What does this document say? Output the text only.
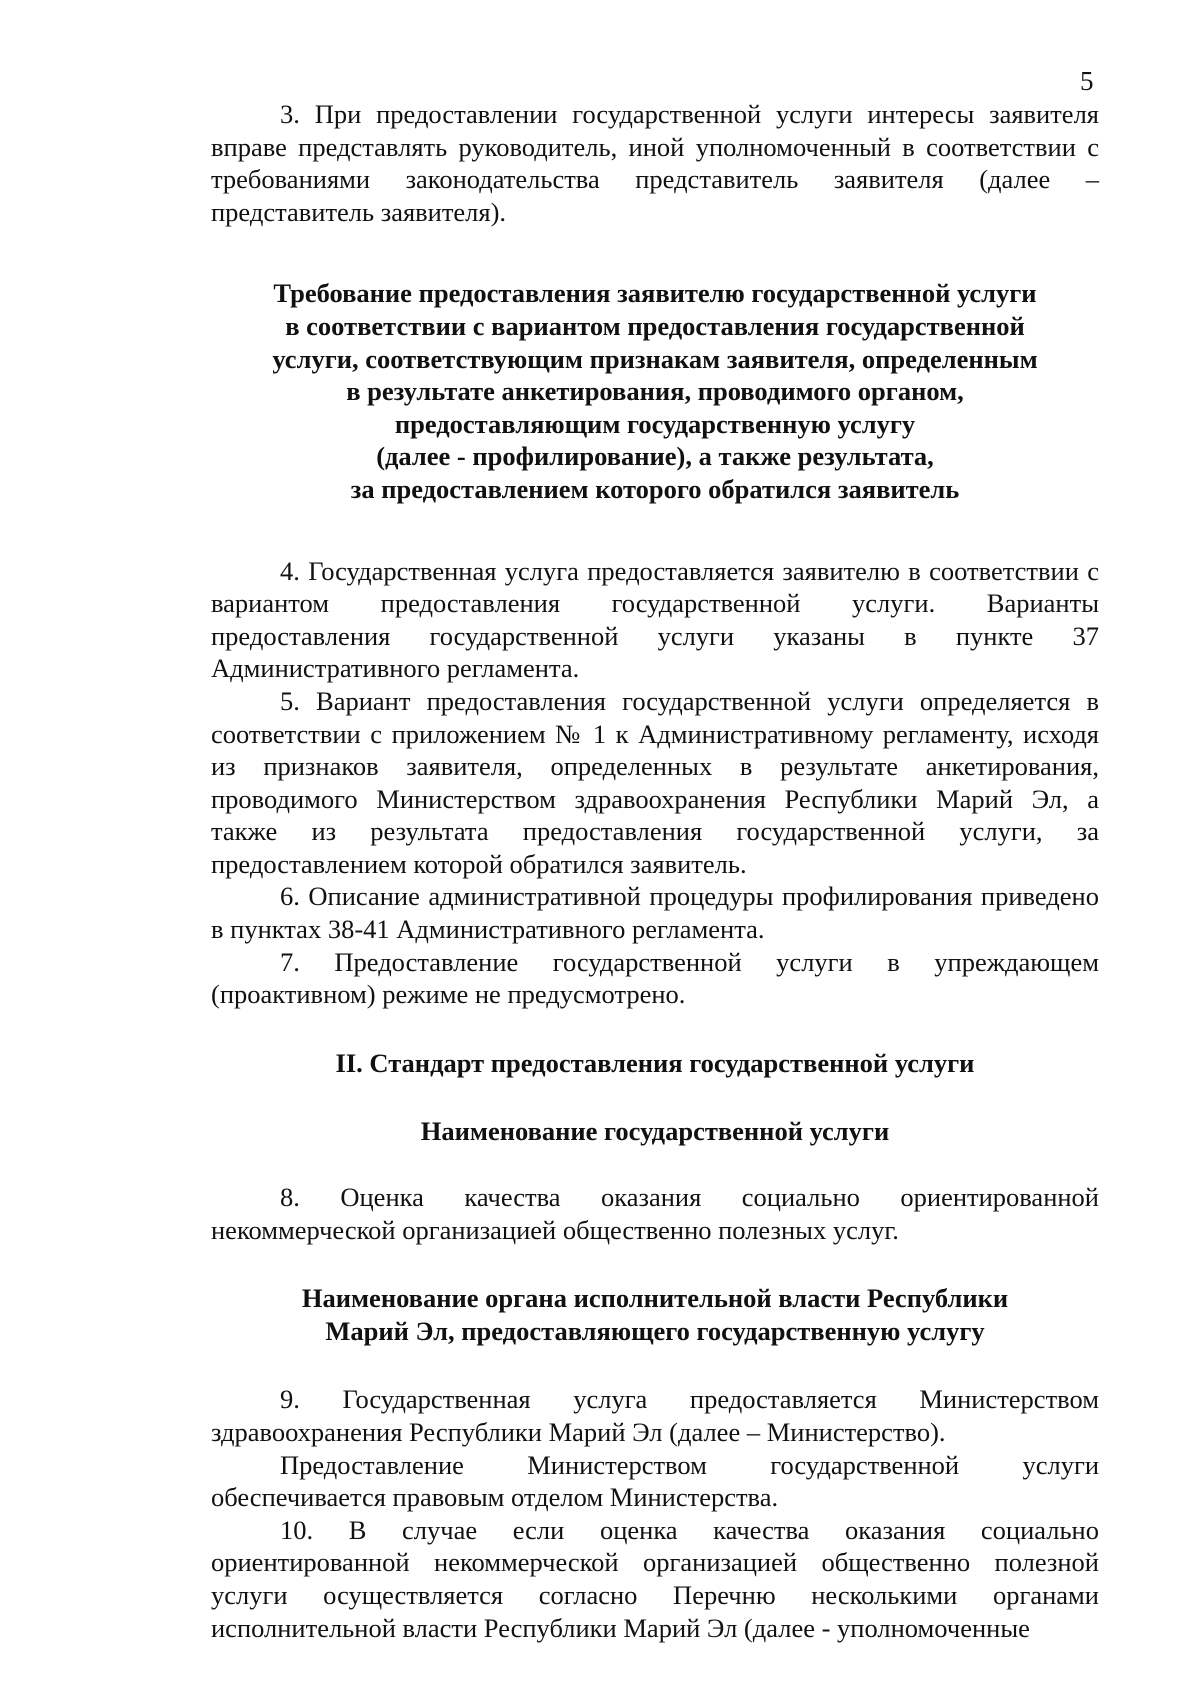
5

3. При предоставлении государственной услуги интересы заявителя вправе представлять руководитель, иной уполномоченный в соответствии с требованиями законодательства представитель заявителя (далее – представитель заявителя).

Требование предоставления заявителю государственной услуги
в соответствии с вариантом предоставления государственной
услуги, соответствующим признакам заявителя, определенным
в результате анкетирования, проводимого органом,
предоставляющим государственную услугу
(далее - профилирование), а также результата,
за предоставлением которого обратился заявитель

4. Государственная услуга предоставляется заявителю в соответствии с вариантом предоставления государственной услуги. Варианты предоставления государственной услуги указаны в пункте 37 Административного регламента.

5. Вариант предоставления государственной услуги определяется в соответствии с приложением № 1 к Административному регламенту, исходя из признаков заявителя, определенных в результате анкетирования, проводимого Министерством здравоохранения Республики Марий Эл, а также из результата предоставления государственной услуги, за предоставлением которой обратился заявитель.

6. Описание административной процедуры профилирования приведено в пунктах 38-41 Административного регламента.

7. Предоставление государственной услуги в упреждающем (проактивном) режиме не предусмотрено.

II. Стандарт предоставления государственной услуги
Наименование государственной услуги

8. Оценка качества оказания социально ориентированной некоммерческой организацией общественно полезных услуг.

Наименование органа исполнительной власти Республики
Марий Эл, предоставляющего государственную услугу

9. Государственная услуга предоставляется Министерством здравоохранения Республики Марий Эл (далее – Министерство).

Предоставление Министерством государственной услуги обеспечивается правовым отделом Министерства.

10. В случае если оценка качества оказания социально ориентированной некоммерческой организацией общественно полезной услуги осуществляется согласно Перечню несколькими органами исполнительной власти Республики Марий Эл (далее - уполномоченные
